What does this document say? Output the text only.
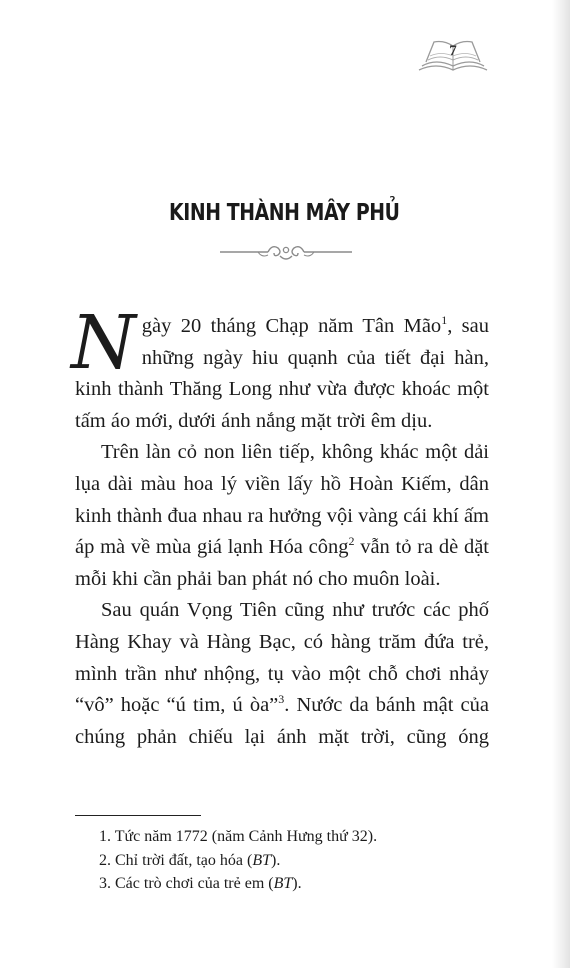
7
KINH THÀNH MÂY PHỦ

Ngày 20 tháng Chạp năm Tân Mão$^1$, sau những ngày hiu quạnh của tiết đại hàn, kinh thành Thăng Long như vừa được khoác một tấm áo mới, dưới ánh nắng mặt trời êm dịu.

Trên làn cỏ non liên tiếp, không khác một dải lụa dài màu hoa lý viền lấy hồ Hoàn Kiếm, dân kinh thành đua nhau ra hưởng vội vàng cái khí ấm áp mà về mùa giá lạnh Hóa công$^2$ vẫn tỏ ra dè dặt mỗi khi cần phải ban phát nó cho muôn loài.

Sau quán Vọng Tiên cũng như trước các phố Hàng Khay và Hàng Bạc, có hàng trăm đứa trẻ, mình trần như nhộng, tụ vào một chỗ chơi nhảy “vô” hoặc “ú tim, ú òa”$^3$. Nước da bánh mật của chúng phản chiếu lại ánh mặt trời, cũng óng

1. Tức năm 1772 (năm Cảnh Hưng thứ 32).
2. Chỉ trời đất, tạo hóa (BT).
3. Các trò chơi của trẻ em (BT).
